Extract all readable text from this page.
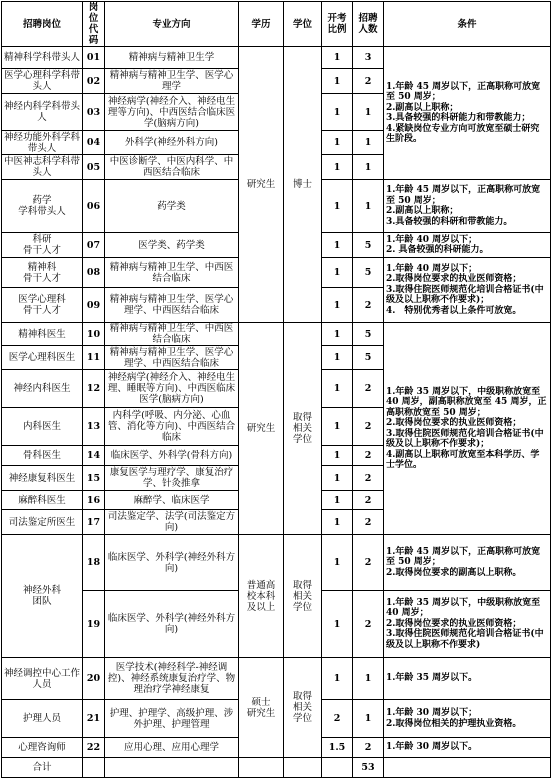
招聘岗位	岗位代码	专业方向	学历	学位	开考比例	招聘人数	条件
精神科学科带头人	01	精神病与精神卫生学	研究生	博士	1	3	1.年龄 45 周岁以下，正高职称可放宽至 50 周岁；
2.副高以上职称；
3.具备较强的科研能力和带教能力；
4.紧缺岗位专业方向可放宽至硕士研究生阶段。
医学心理科学科带头人	02	精神病与精神卫生学、医学心理学			1	2	
神经内科学科带头人	03	神经病学(神经介入、神经电生理等方向)、中西医结合临床医学(脑病方向)			1	1	
神经功能外科学科带头人	04	外科学(神经外科方向)			1	1	
中医神志科学科带头人	05	中医诊断学、中医内科学、中西医结合临床			1	1	
药学
学科带头人	06	药学类			1	1	1.年龄 45 周岁以下，正高职称可放宽至 50 周岁；
2.副高以上职称；
3.具备较强的科研和带教能力。
科研
骨干人才	07	医学类、药学类			1	5	1.年龄 40 周岁以下；
2. 具备较强的科研能力。
精神科
骨干人才	08	精神病与精神卫生学、中西医结合临床			1	5	1.年龄 40 周岁以下；
2.取得岗位要求的执业医师资格；
3.取得住院医师规范化培训合格证书(中级及以上职称不作要求)；
4.　特别优秀者以上条件可放宽。
医学心理科
骨干人才	09	精神病与精神卫生学、医学心理学、中西医结合临床			1	2	
精神科医生	10	精神病与精神卫生学、中西医结合临床	研究生	取得
相关
学位	1	5	1.年龄 35 周岁以下，中级职称放宽至 40 周岁，副高职称放宽至 45 周岁，正高职称放宽至 50 周岁；
2.取得岗位要求的执业医师资格；
3.取得住院医师规范化培训合格证书(中级及以上职称不作要求)；
4.副高以上职称可放宽至本科学历、学士学位。
医学心理科医生	11	精神病与精神卫生学、医学心理学、中西医结合临床			1	5	
神经内科医生	12	神经病学(神经介入、神经电生理、睡眠等方向)、中西医临床医学(脑病方向)			1	2	
内科医生	13	内科学(呼吸、内分泌、心血管、消化等方向)、中西医结合临床			1	2	
骨科医生	14	临床医学、外科学(骨科方向)			1	2	
神经康复科医生	15	康复医学与理疗学、康复治疗学、针灸推拿			1	2	
麻醉科医生	16	麻醉学、临床医学			1	2	
司法鉴定所医生	17	司法鉴定学、法学(司法鉴定方向)			1	2	
神经外科
团队	18	临床医学、外科学(神经外科方向)	普通高
校本科
及以上	取得
相关
学位	1	2	1.年龄 45 周岁以下，正高职称可放宽至 50 周岁；
2.取得岗位要求的副高以上职称。
	19	临床医学、外科学(神经外科方向)			1	2	1.年龄 35 周岁以下，中级职称放宽至 40 周岁；
2.取得岗位要求的执业医师资格；
3.取得住院医师规范化培训合格证书(中级及以上职称不作要求)
神经调控中心工作人员	20	医学技术(神经科学-神经调控)、神经系统康复治疗学、物理治疗学神经康复	硕士
研究生	取得
相关
学位	1	1	1.年龄 35 周岁以下。
护理人员	21	护理、护理学、高级护理、涉外护理、护理管理			2	1	1.年龄 30 周岁以下；
2.取得岗位相关的护理执业资格。
心理咨询师	22	应用心理、应用心理学			1.5	2	1.年龄 30 周岁以下。
合计						53	
